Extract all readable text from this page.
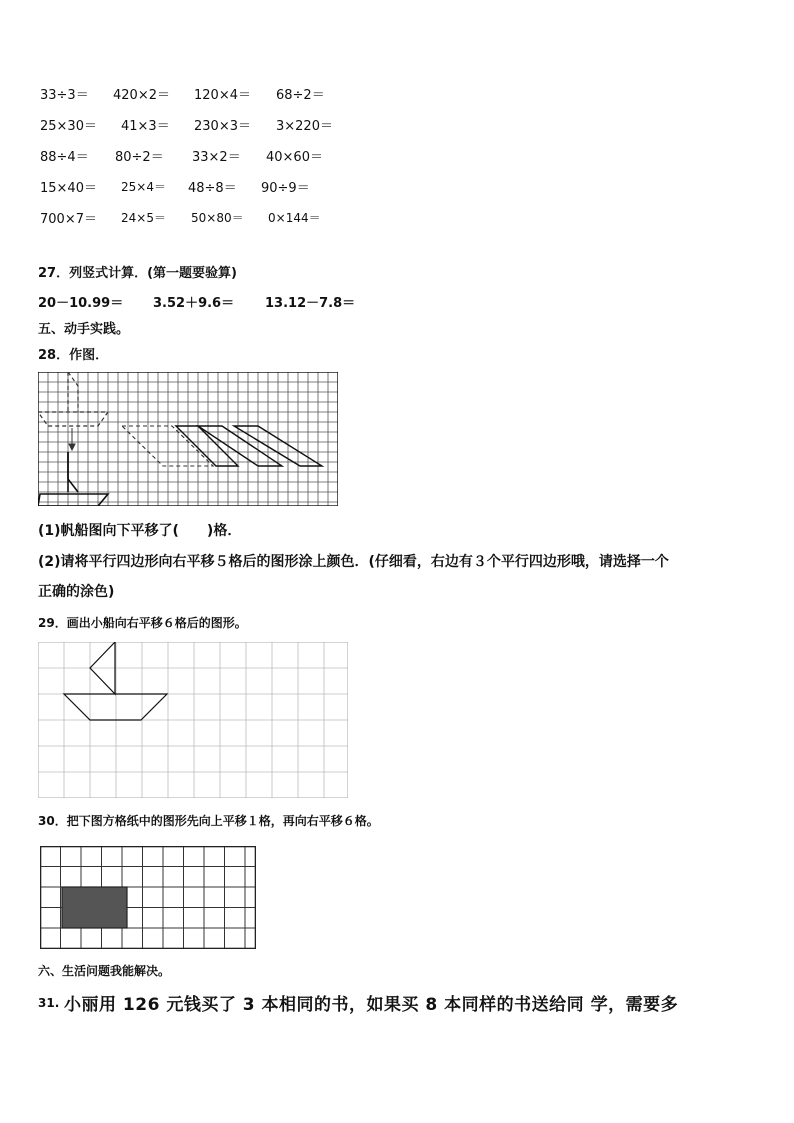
33÷3＝ 420×2＝ 120×4＝ 68÷2＝
25×30＝ 41×3＝ 230×3＝ 3×220＝
88÷4＝ 80÷2＝ 33×2＝ 40×60＝
15×40＝ 25×4＝ 48÷8＝ 90÷9＝
700×7＝ 24×5＝ 50×80＝ 0×144＝
27．列竖式计算．(第一题要验算)
20－10.99＝ 3.52＋9.6＝ 13.12－7.8＝
五、动手实践。
28．作图．
(1)帆船图向下平移了(　　)格．
(2)请将平行四边形向右平移５格后的图形涂上颜色．(仔细看，右边有３个平行四边形哦，请选择一个
正确的涂色)
29．画出小船向右平移６格后的图形。
30．把下图方格纸中的图形先向上平移１格，再向右平移６格。
六、生活问题我能解决。
31. 小丽用 126 元钱买了 3 本相同的书，如果买 8 本同样的书送给同 学，需要多
